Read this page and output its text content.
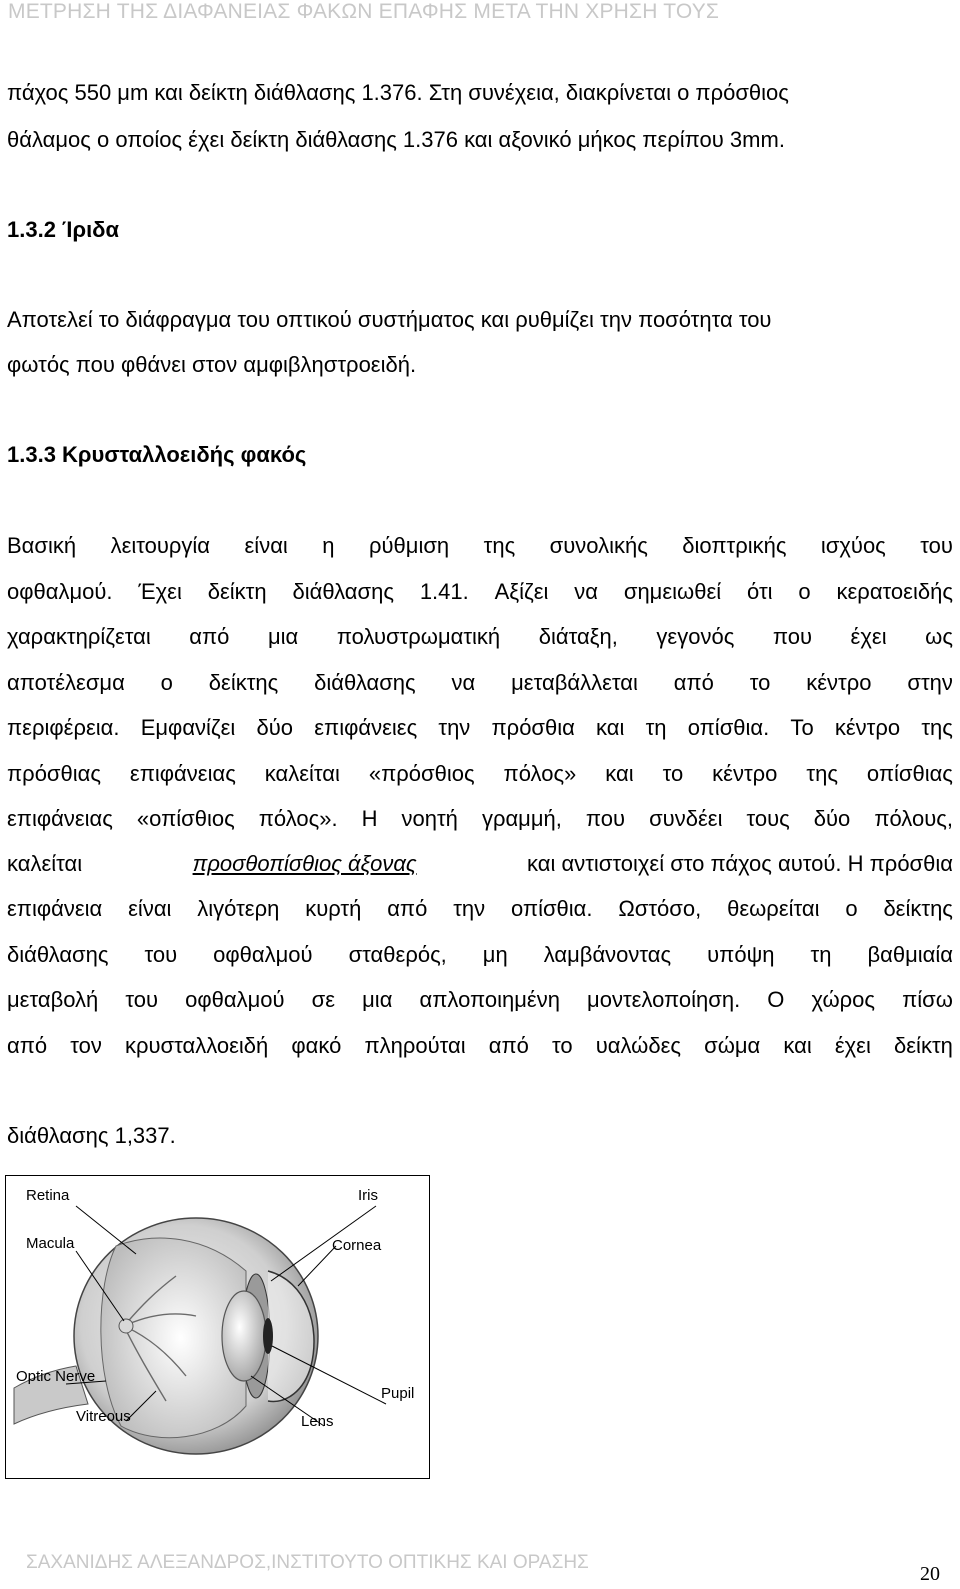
ΜΕΤΡΗΣΗ ΤΗΣ ΔΙΑΦΑΝΕΙΑΣ ΦΑΚΩΝ ΕΠΑΦΗΣ ΜΕΤΑ ΤΗΝ ΧΡΗΣΗ ΤΟΥΣ
πάχος 550 μm και δείκτη διάθλασης 1.376. Στη συνέχεια, διακρίνεται ο πρόσθιος
θάλαμος ο οποίος έχει δείκτη διάθλασης 1.376 και αξονικό μήκος περίπου 3mm.
1.3.2 Ίριδα
Αποτελεί το διάφραγμα του οπτικού συστήματος και ρυθμίζει την ποσότητα του
φωτός που φθάνει στον αμφιβληστροειδή.
1.3.3 Κρυσταλλοειδής φακός
Βασική λειτουργία είναι η ρύθμιση της συνολικής διοπτρικής ισχύος του
οφθαλμού. Έχει δείκτη διάθλασης 1.41. Αξίζει να σημειωθεί ότι ο κερατοειδής
χαρακτηρίζεται από μια πολυστρωματική διάταξη, γεγονός που έχει ως
αποτέλεσμα ο δείκτης διάθλασης να μεταβάλλεται από το κέντρο στην
περιφέρεια. Εμφανίζει δύο επιφάνειες την πρόσθια και τη οπίσθια. Το κέντρο της
πρόσθιας επιφάνειας καλείται «πρόσθιος πόλος» και το κέντρο της οπίσθιας
επιφάνειας «οπίσθιος πόλος». Η νοητή γραμμή, που συνδέει τους δύο πόλους,
καλείται	προσθοπίσθιος άξονας	και αντιστοιχεί στο πάχος αυτού. Η πρόσθια
επιφάνεια είναι λιγότερη κυρτή από την οπίσθια. Ωστόσο, θεωρείται ο δείκτης
διάθλασης του οφθαλμού σταθερός, μη λαμβάνοντας υπόψη τη βαθμιαία
μεταβολή του οφθαλμού σε μια απλοποιημένη μοντελοποίηση. Ο χώρος πίσω
από τον κρυσταλλοειδή φακό πληρούται από το υαλώδες σώμα και έχει δείκτη
διάθλασης 1,337.
Retina	Iris
Macula	Cornea
Optic Nerve
Pupil
Vitreous	Lens
ΣΑΧΑΝΙΔΗΣ ΑΛΕΞΑΝΔΡΟΣ,ΙΝΣΤΙΤΟΥΤΟ ΟΠΤΙΚΗΣ ΚΑΙ ΟΡΑΣΗΣ
20
